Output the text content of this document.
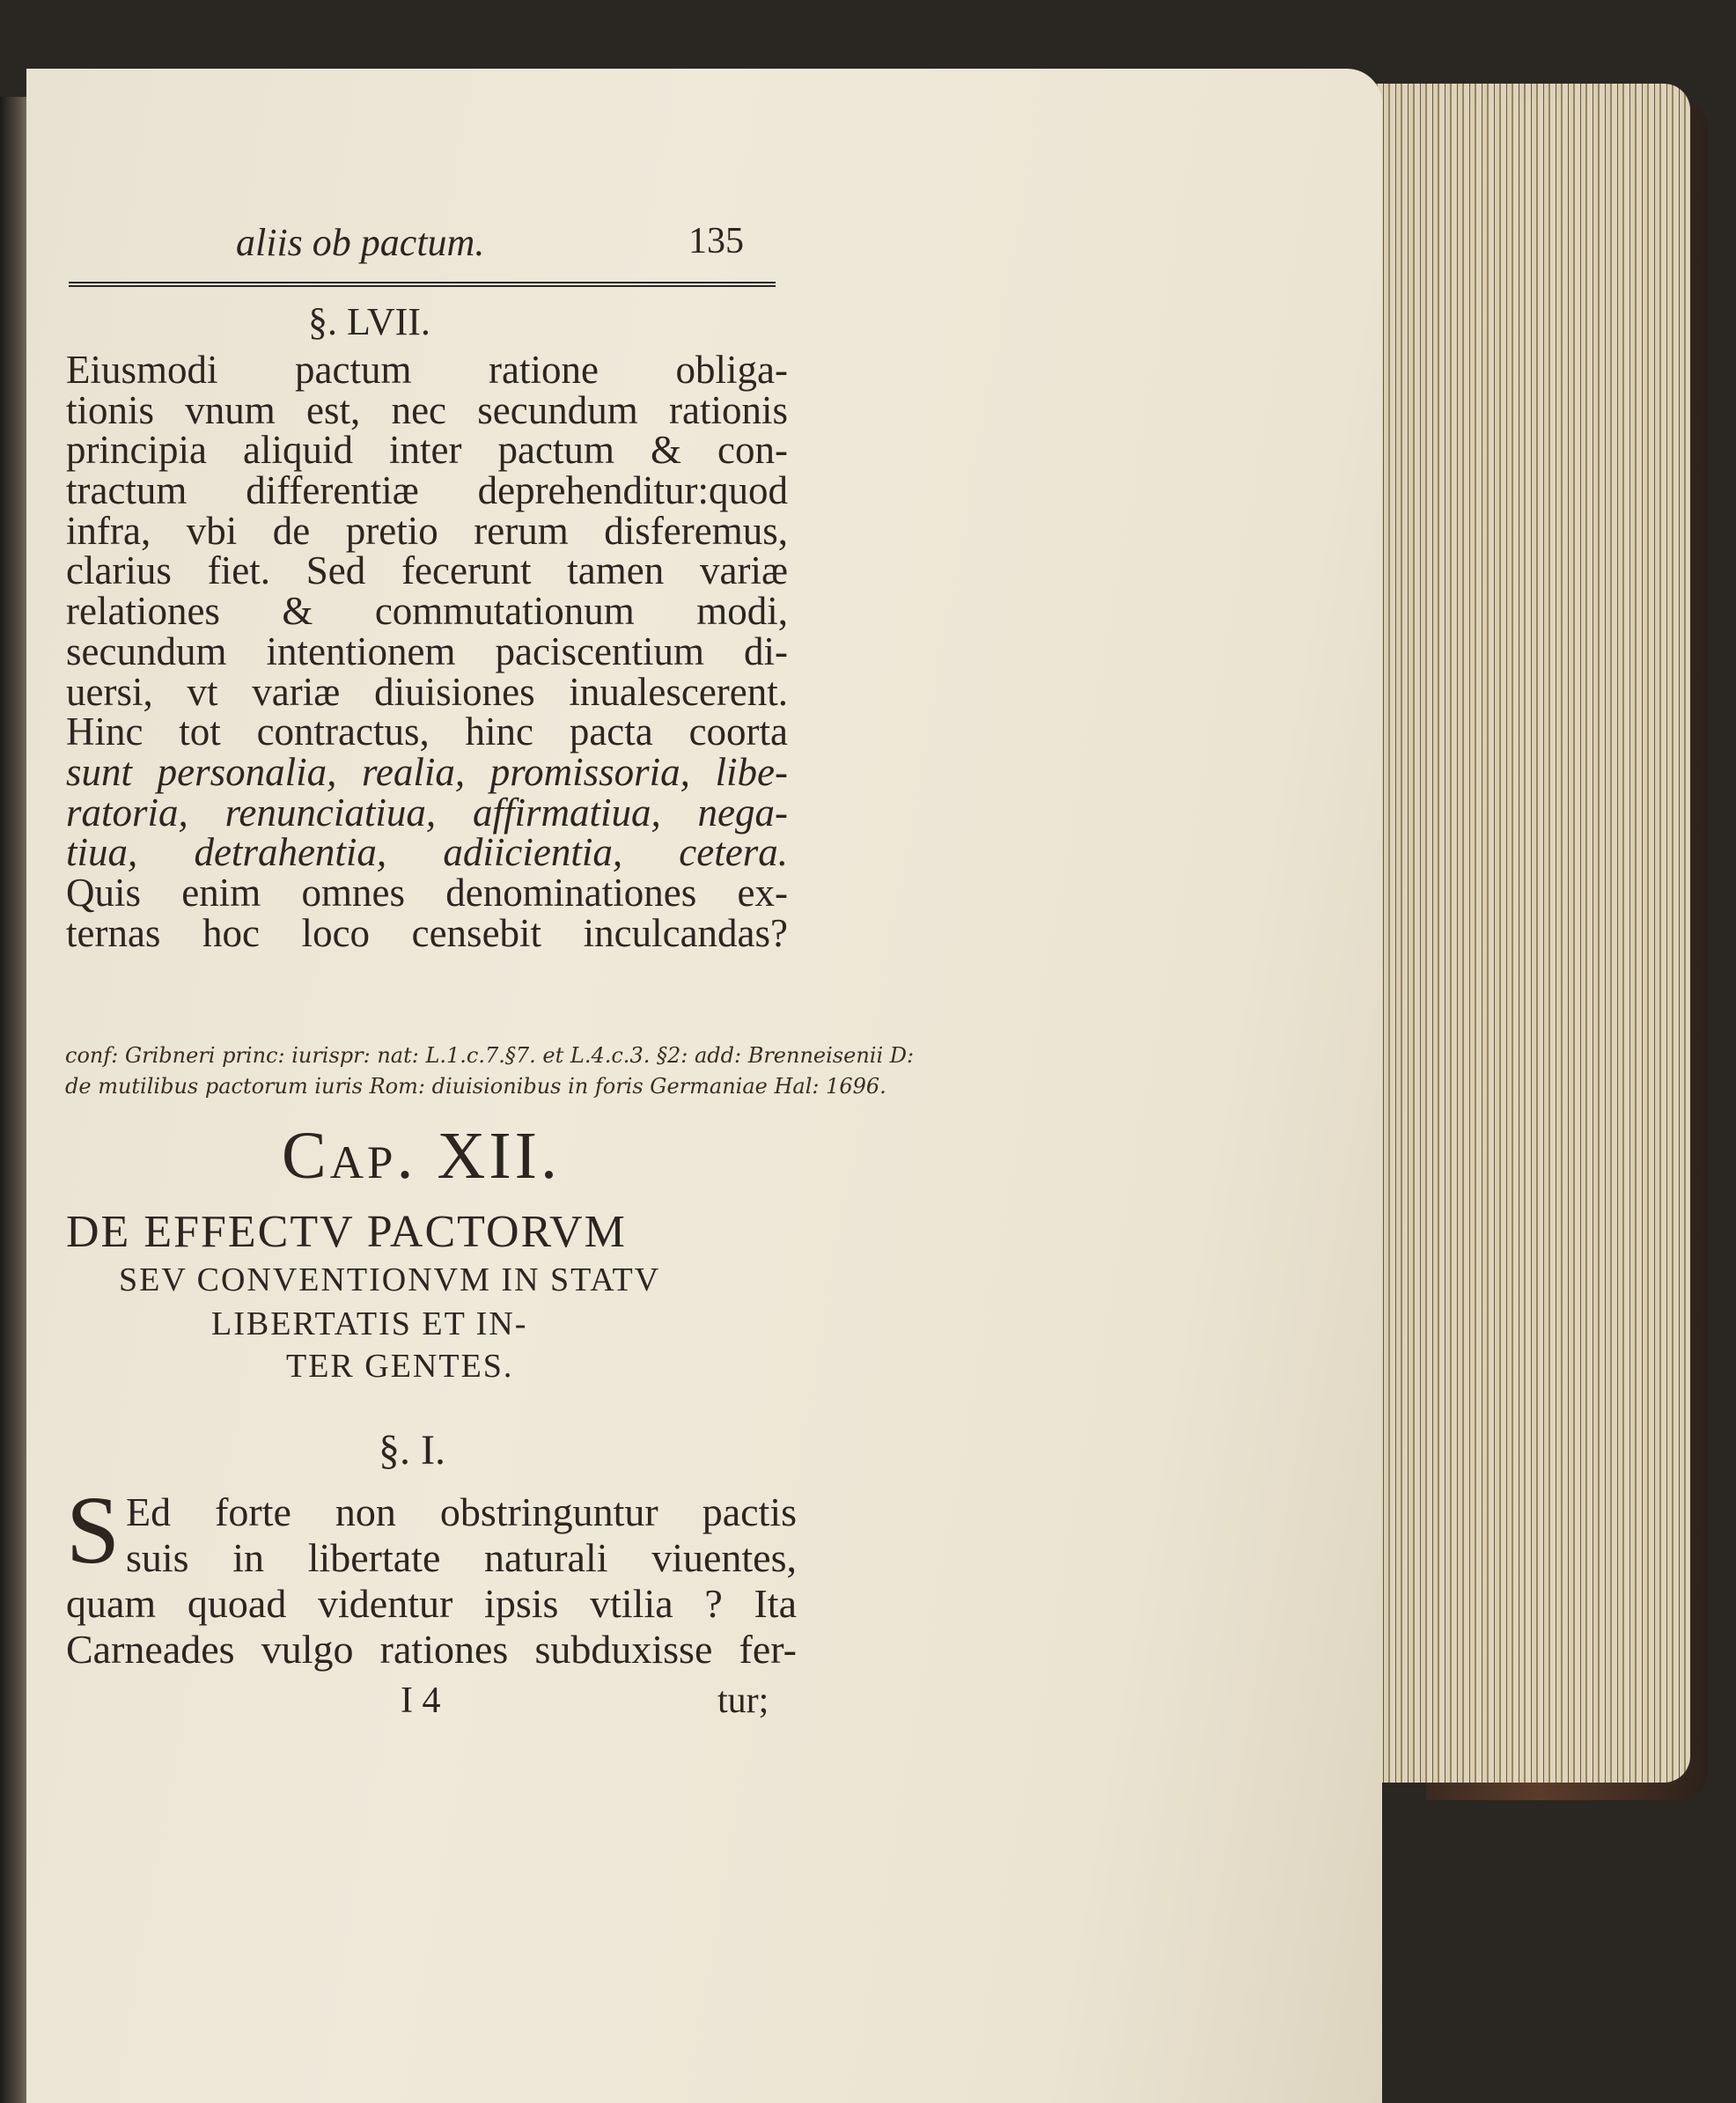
aliis ob pactum.	135
§. LVII.
Eiusmodi pactum ratione obliga-
tionis vnum est, nec secundum rationis
principia aliquid inter pactum & con-
tractum differentiæ deprehenditur:quod
infra, vbi de pretio rerum disferemus,
clarius fiet. Sed fecerunt tamen variæ
relationes & commutationum modi,
secundum intentionem paciscentium di-
uersi, vt variæ diuisiones inualescerent.
Hinc tot contractus, hinc pacta coorta
sunt personalia, realia, promissoria, libe-
ratoria, renunciatiua, affirmatiua, nega-
tiua, detrahentia, adiicientia, cetera.
Quis enim omnes denominationes ex-
ternas hoc loco censebit inculcandas?
conf: Gribneri princ: iurispr: nat: L.1.c.7.§7. et L.4.c.3. §2: add: Brenneisenii D:
de mutilibus pactorum iuris Rom: diuisionibus in foris Germaniae Hal: 1696.
Cap. XII.
DE EFFECTV PACTORVM
SEV CONVENTIONVM IN STATV
LIBERTATIS ET IN-
TER GENTES.
§. I.
S Ed forte non obstringuntur pactis
suis in libertate naturali viuentes,
quam quoad videntur ipsis vtilia ? Ita
Carneades vulgo rationes subduxisse fer-
I 4	tur;
